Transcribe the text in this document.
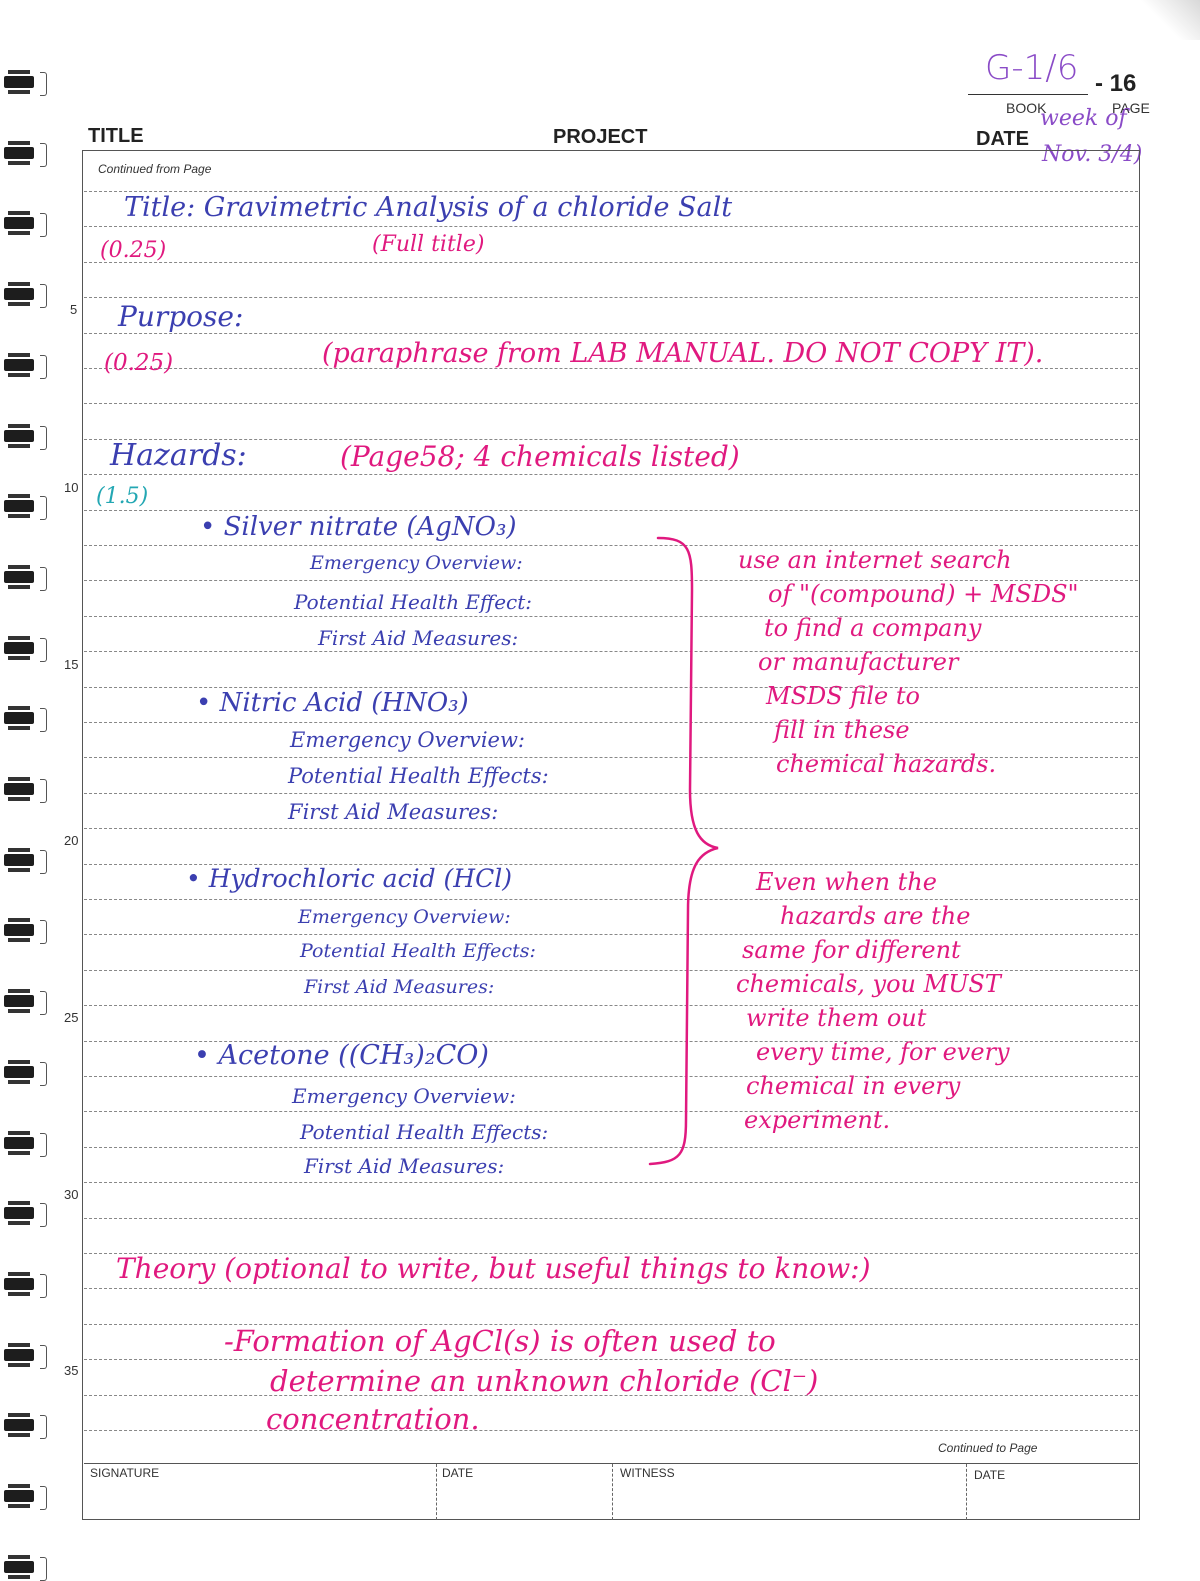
G-1/6 - 16
BOOK	PAGE
TITLE	PROJECT	DATE
week of
Nov. 3/4)
Continued from Page
5
10
15
20
25
30
35
Title: Gravimetric Analysis of a chloride Salt
(0.25)	(Full title)
Purpose:
(0.25)	(paraphrase from LAB MANUAL. DO NOT COPY IT).
Hazards:	(Page58; 4 chemicals listed)
(1.5)
• Silver nitrate (AgNO₃)
Emergency Overview:
Potential Health Effect:
First Aid Measures:
• Nitric Acid (HNO₃)
Emergency Overview:
Potential Health Effects:
First Aid Measures:
• Hydrochloric acid (HCl)
Emergency Overview:
Potential Health Effects:
First Aid Measures:
• Acetone ((CH₃)₂CO)
Emergency Overview:
Potential Health Effects:
First Aid Measures:
use an internet search
of "(compound) + MSDS"
to find a company
or manufacturer
MSDS file to
fill in these
chemical hazards.
Even when the
hazards are the
same for different
chemicals, you MUST
write them out
every time, for every
chemical in every
experiment.
Theory (optional to write, but useful things to know:)
-Formation of AgCl(s) is often used to
determine an unknown chloride (Cl⁻)
concentration.
Continued to Page
SIGNATURE	DATE	WITNESS	DATE
